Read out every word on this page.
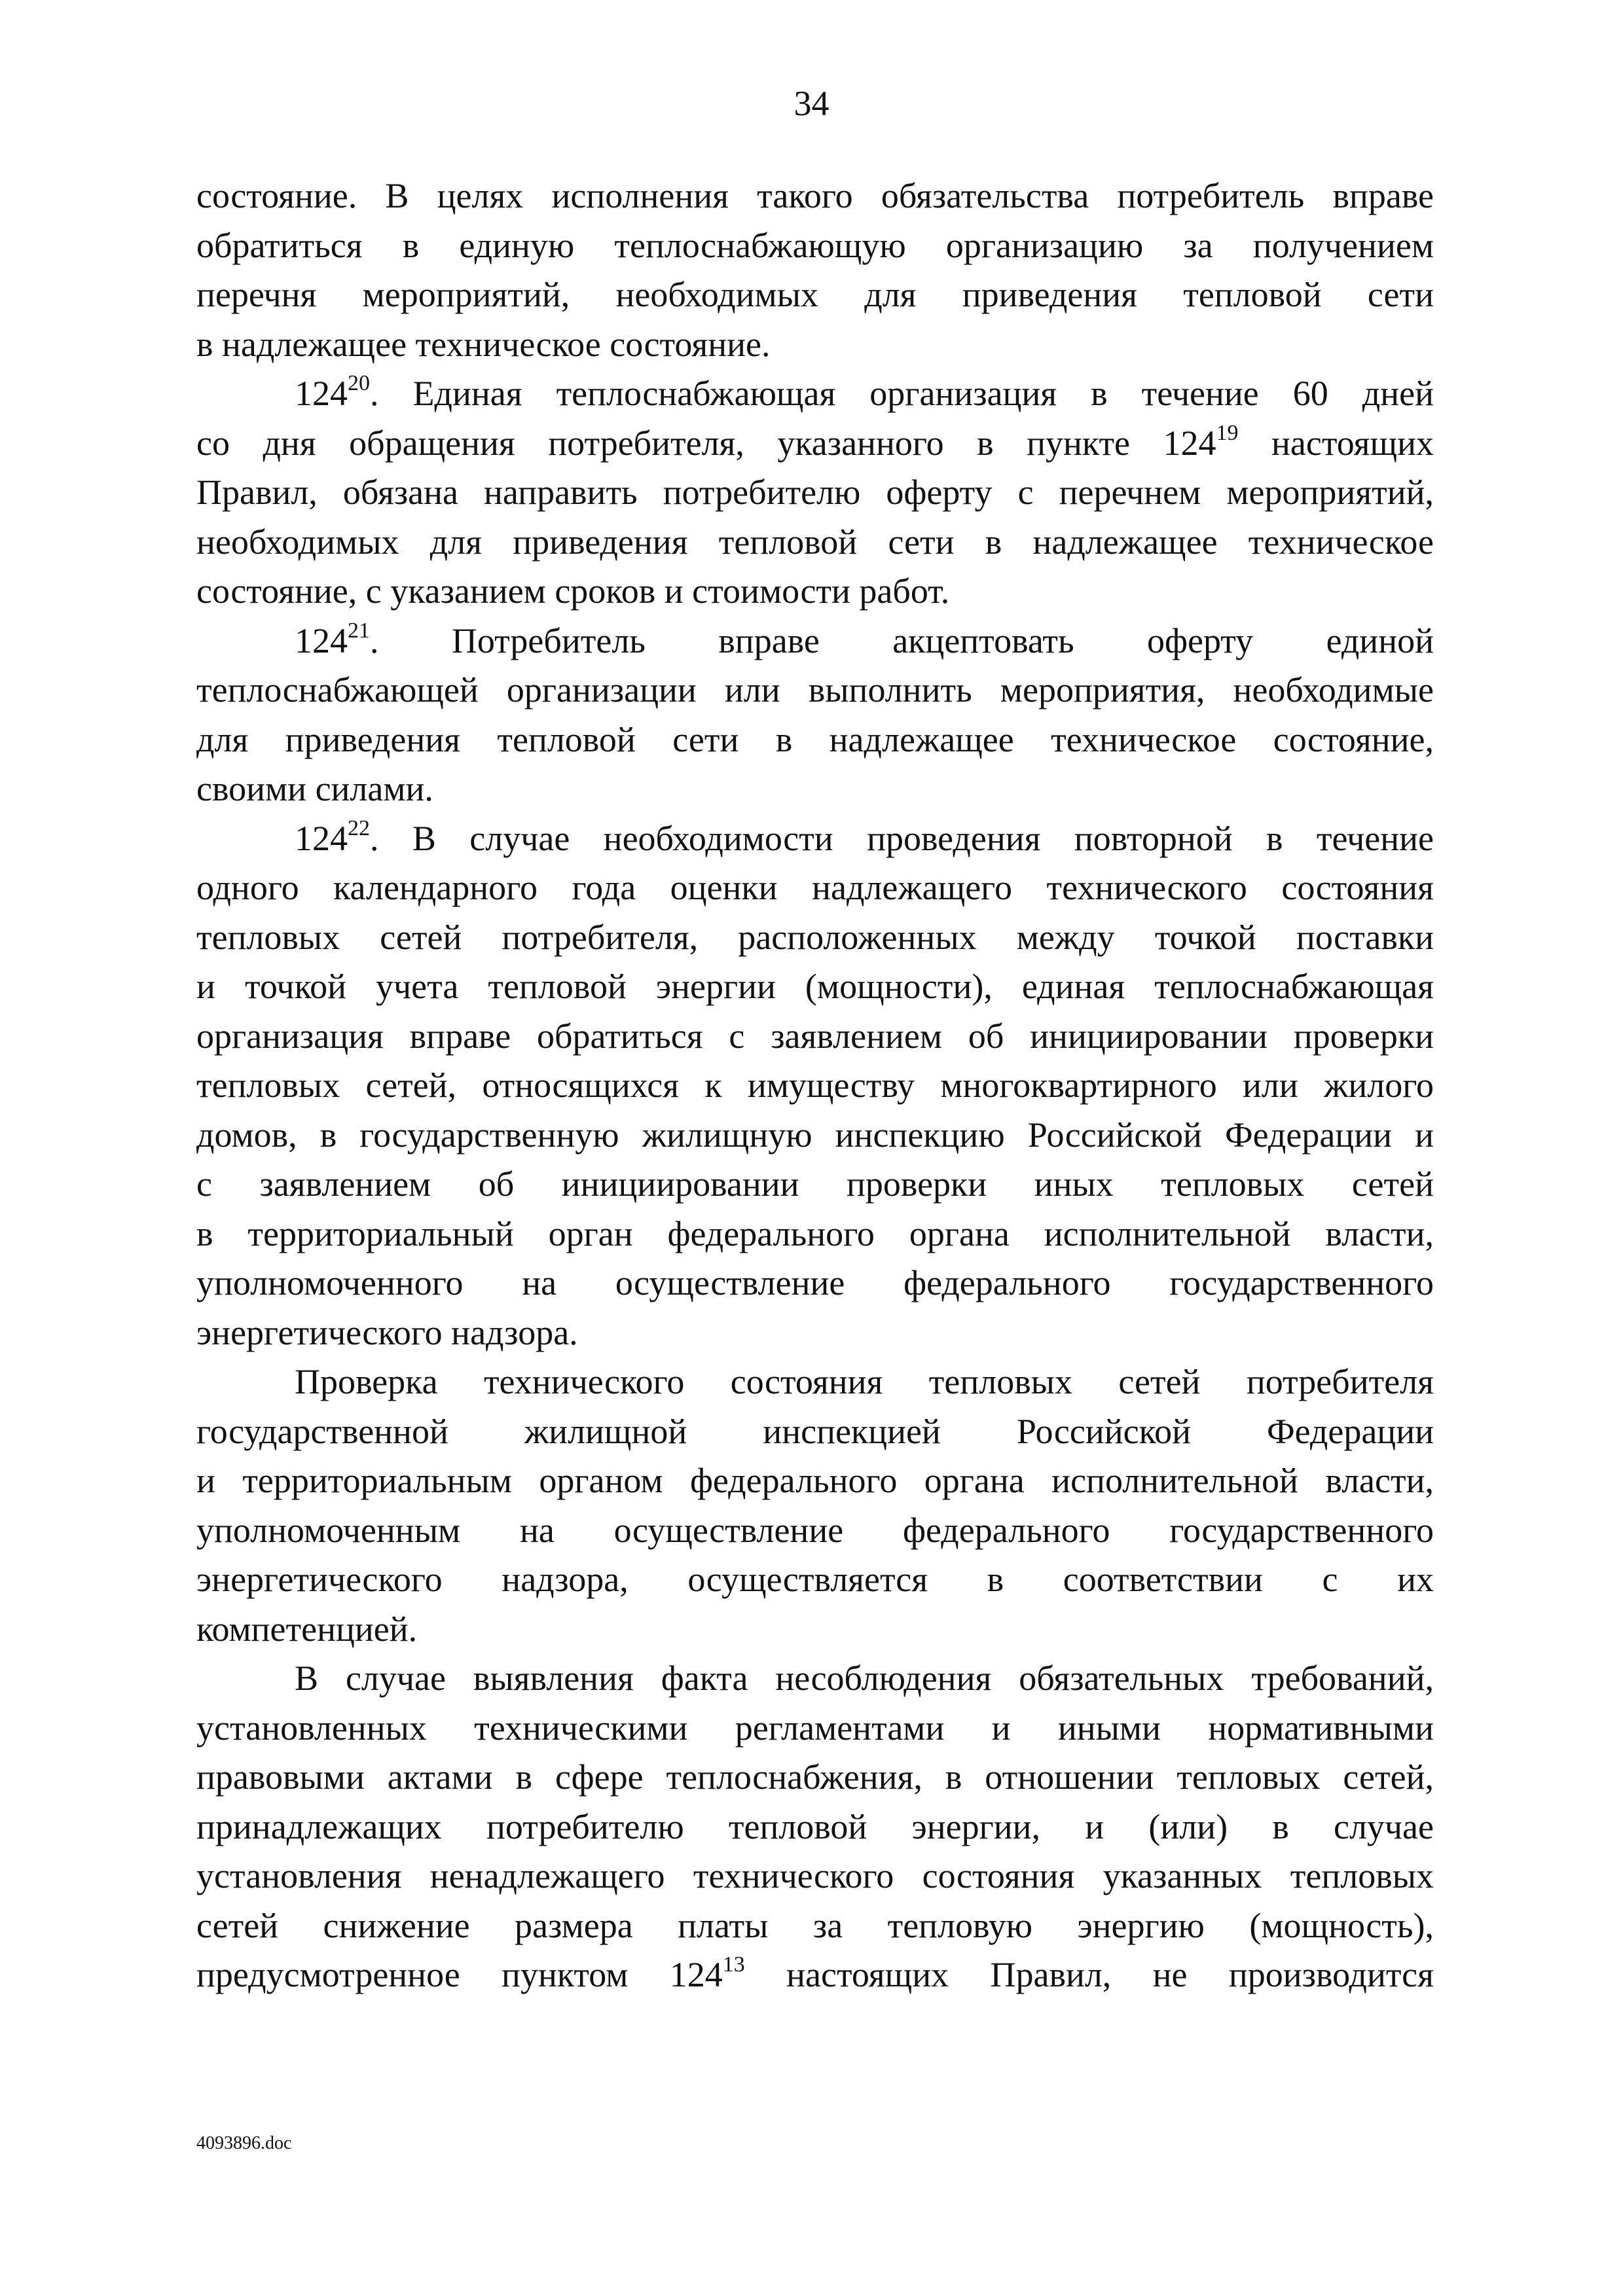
34
состояние. В целях исполнения такого обязательства потребитель вправе
обратиться в единую теплоснабжающую организацию за получением
перечня мероприятий, необходимых для приведения тепловой сети
в надлежащее техническое состояние.
$124^{20}$. Единая теплоснабжающая организация в течение 60 дней
со дня обращения потребителя, указанного в пункте $124^{19}$ настоящих
Правил, обязана направить потребителю оферту с перечнем мероприятий,
необходимых для приведения тепловой сети в надлежащее техническое
состояние, с указанием сроков и стоимости работ.
$124^{21}$. Потребитель вправе акцептовать оферту единой
теплоснабжающей организации или выполнить мероприятия, необходимые
для приведения тепловой сети в надлежащее техническое состояние,
своими силами.
$124^{22}$. В случае необходимости проведения повторной в течение
одного календарного года оценки надлежащего технического состояния
тепловых сетей потребителя, расположенных между точкой поставки
и точкой учета тепловой энергии (мощности), единая теплоснабжающая
организация вправе обратиться с заявлением об инициировании проверки
тепловых сетей, относящихся к имуществу многоквартирного или жилого
домов, в государственную жилищную инспекцию Российской Федерации и
с заявлением об инициировании проверки иных тепловых сетей
в территориальный орган федерального органа исполнительной власти,
уполномоченного на осуществление федерального государственного
энергетического надзора.
Проверка технического состояния тепловых сетей потребителя
государственной жилищной инспекцией Российской Федерации
и территориальным органом федерального органа исполнительной власти,
уполномоченным на осуществление федерального государственного
энергетического надзора, осуществляется в соответствии с их
компетенцией.
В случае выявления факта несоблюдения обязательных требований,
установленных техническими регламентами и иными нормативными
правовыми актами в сфере теплоснабжения, в отношении тепловых сетей,
принадлежащих потребителю тепловой энергии, и (или) в случае
установления ненадлежащего технического состояния указанных тепловых
сетей снижение размера платы за тепловую энергию (мощность),
предусмотренное пунктом $124^{13}$ настоящих Правил, не производится
4093896.doc
